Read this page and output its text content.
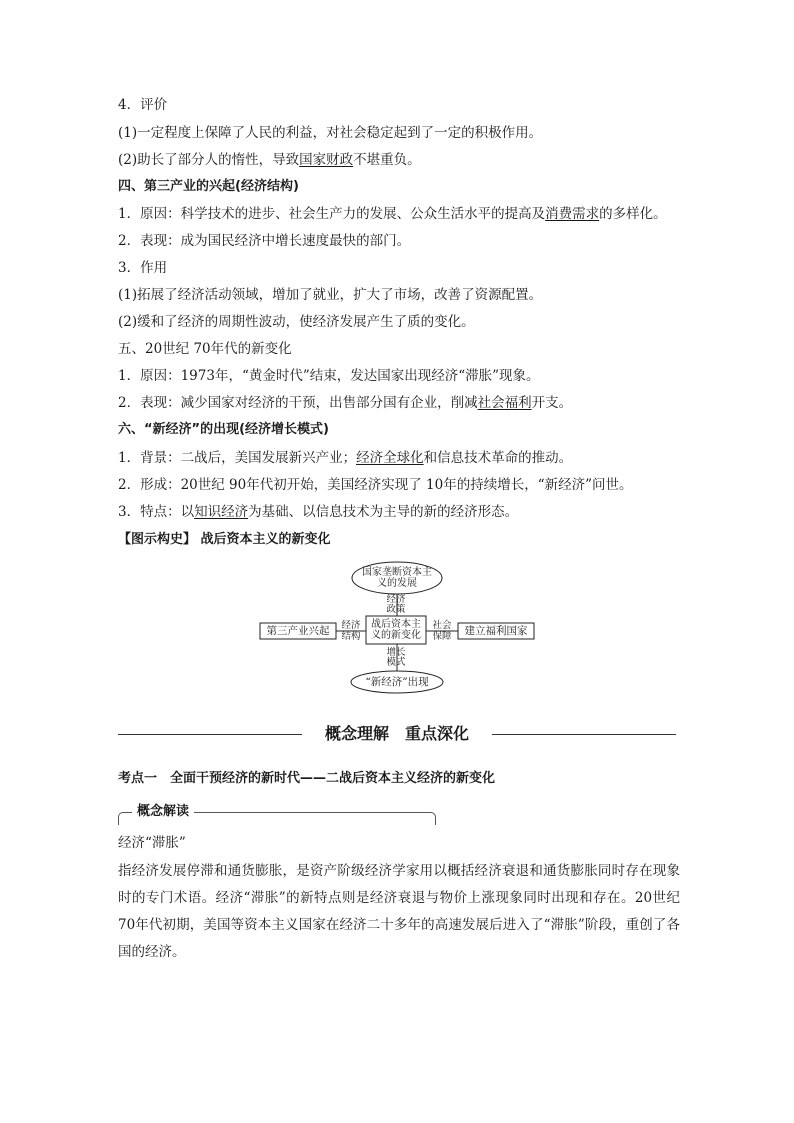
4．评价
(1)一定程度上保障了人民的利益，对社会稳定起到了一定的积极作用。
(2)助长了部分人的惰性，导致国家财政不堪重负。
四、第三产业的兴起(经济结构)
1．原因：科学技术的进步、社会生产力的发展、公众生活水平的提高及消费需求的多样化。
2．表现：成为国民经济中增长速度最快的部门。
3．作用
(1)拓展了经济活动领域，增加了就业，扩大了市场，改善了资源配置。
(2)缓和了经济的周期性波动，使经济发展产生了质的变化。
五、20世纪 70年代的新变化
1．原因：1973年，“黄金时代”结束，发达国家出现经济“滞胀”现象。
2．表现：减少国家对经济的干预，出售部分国有企业，削减社会福利开支。
六、“新经济”的出现(经济增长模式)
1．背景：二战后，美国发展新兴产业；经济全球化和信息技术革命的推动。
2．形成：20世纪 90年代初开始，美国经济实现了 10年的持续增长，“新经济”问世。
3．特点：以知识经济为基础、以信息技术为主导的新的经济形态。
【图示构史】 战后资本主义的新变化
国家垄断资本主义的发展
战后资本主义的新变化
第三产业兴起	建立福利国家
“新经济”出现
经济政策
经济结构
社会保障
增长模式
概念理解　重点深化
考点一　全面干预经济的新时代——二战后资本主义经济的新变化
概念解读
经济“滞胀”
指经济发展停滞和通货膨胀，是资产阶级经济学家用以概括经济衰退和通货膨胀同时存在现象时的专门术语。经济“滞胀”的新特点则是经济衰退与物价上涨现象同时出现和存在。20世纪 70年代初期，美国等资本主义国家在经济二十多年的高速发展后进入了“滞胀”阶段，重创了各国的经济。
